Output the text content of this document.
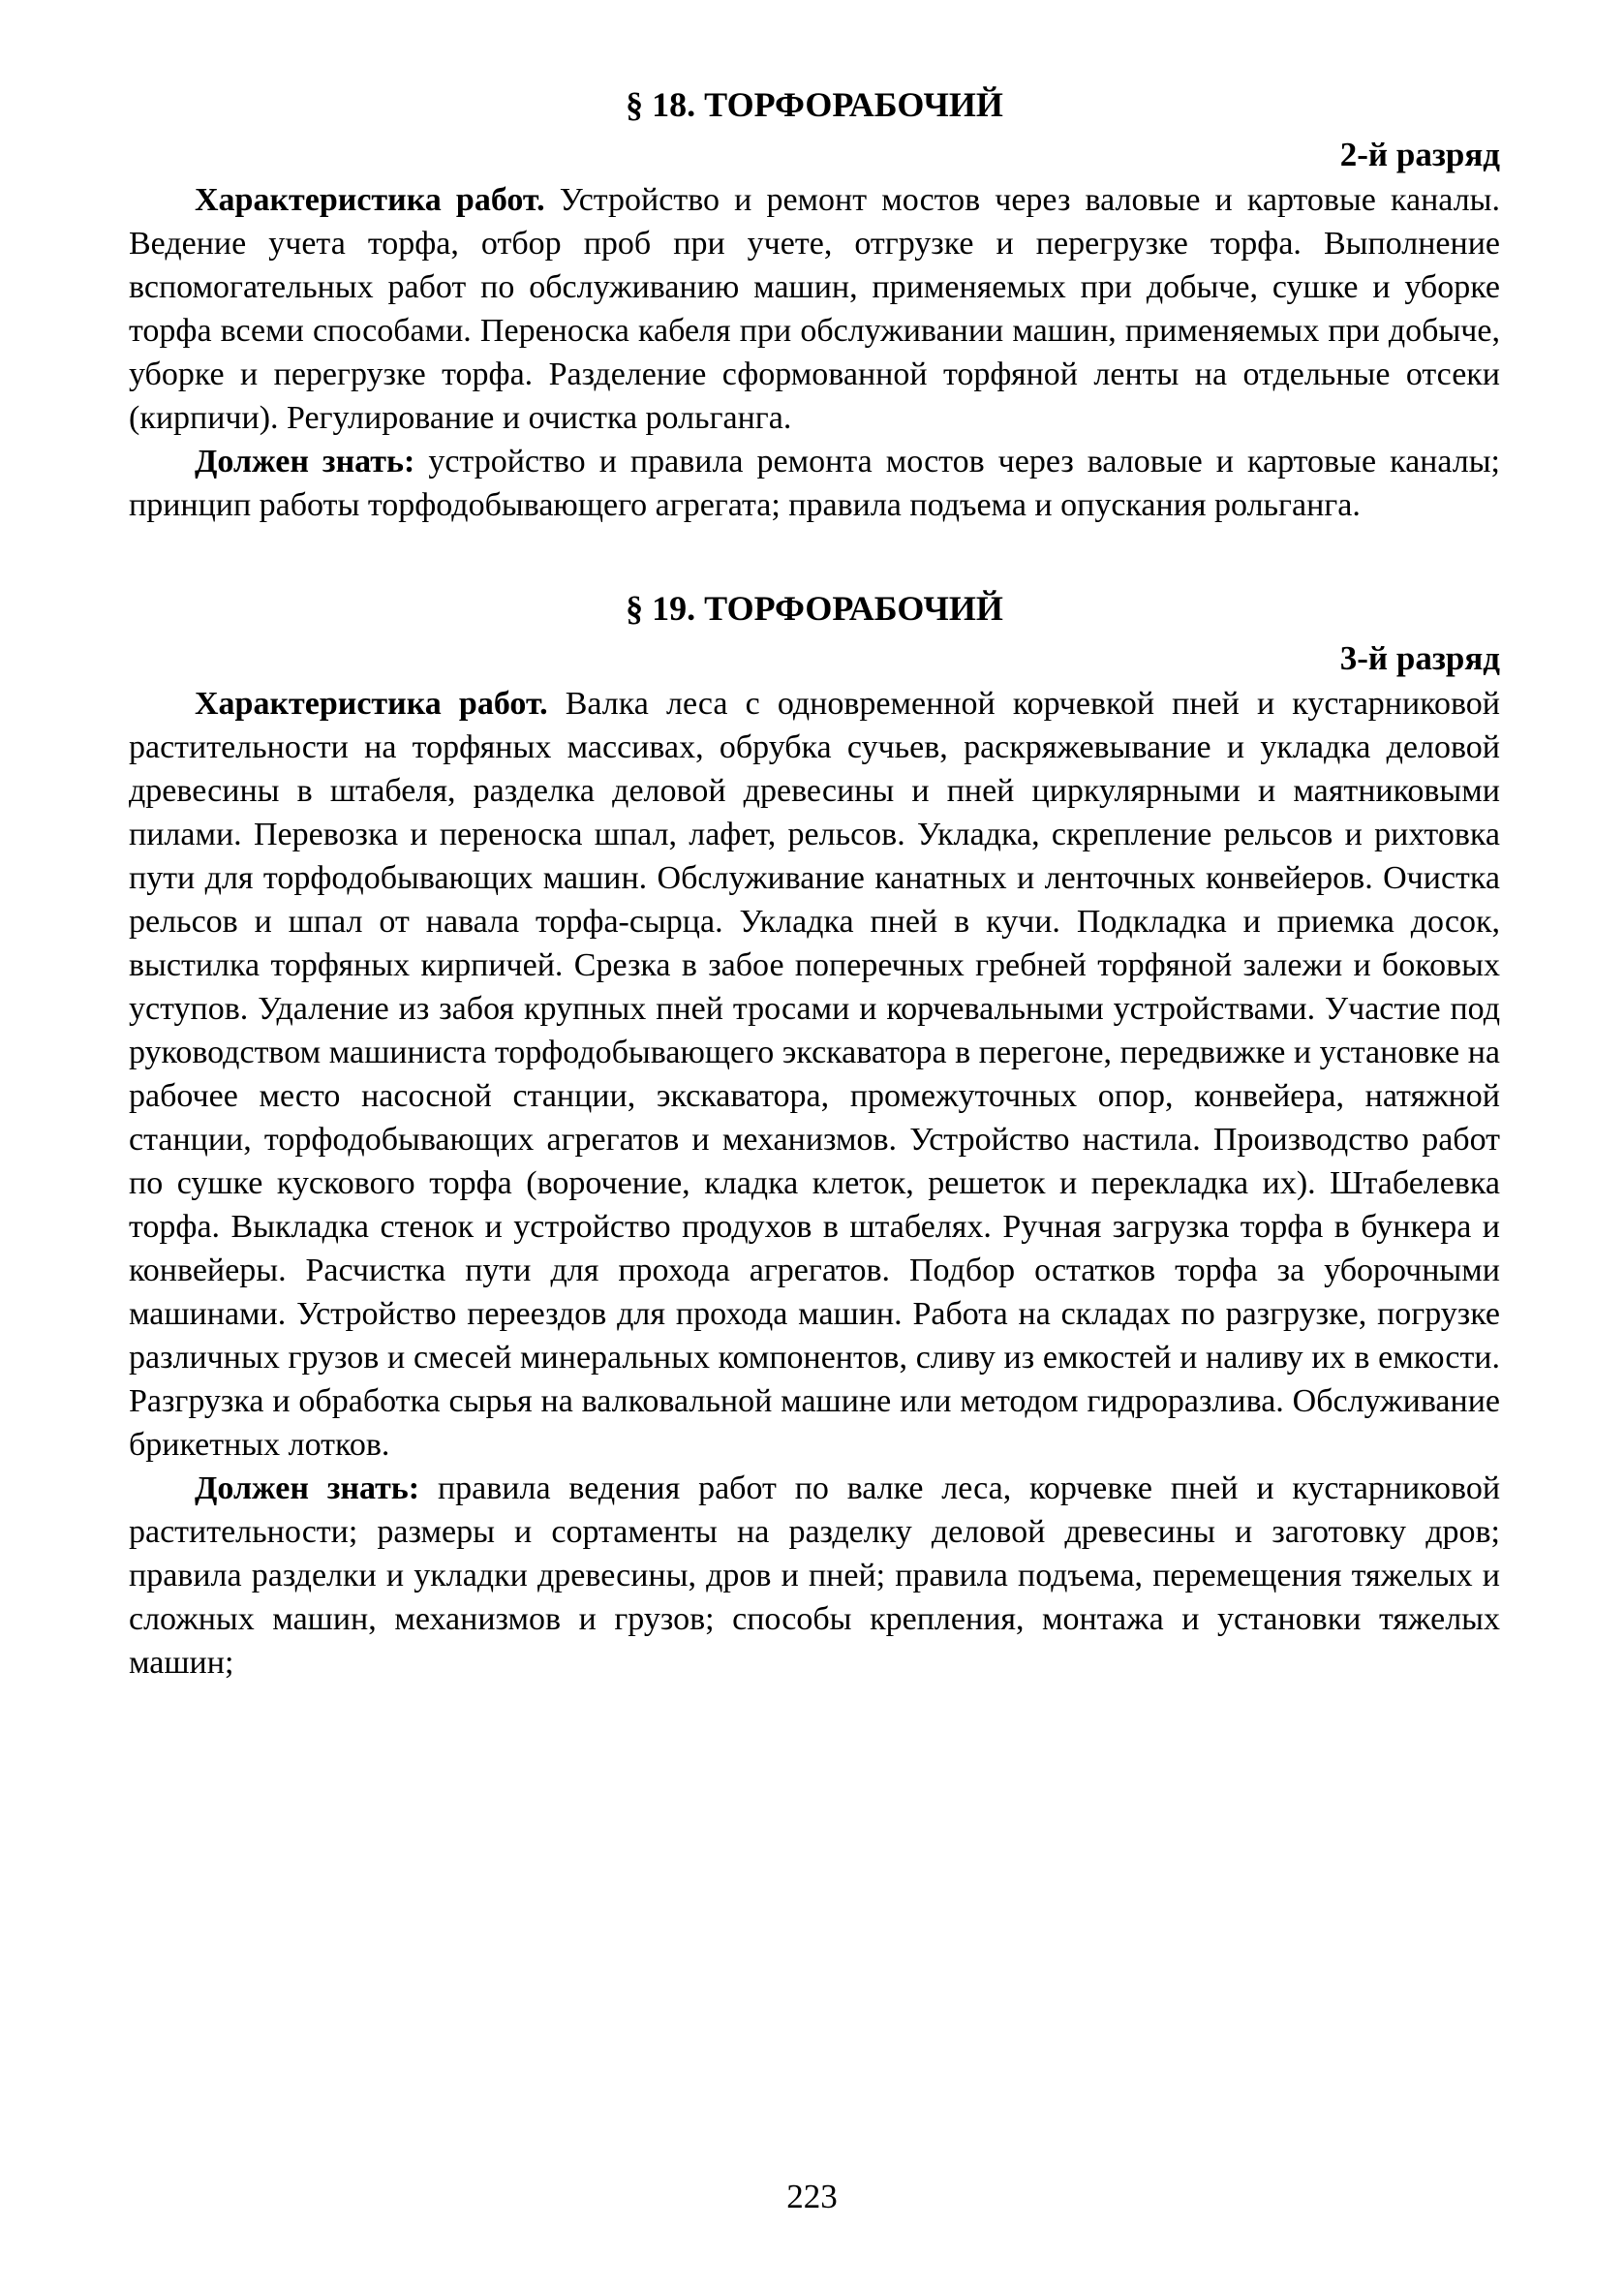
§ 18. ТОРФОРАБОЧИЙ
2-й разряд

Характеристика работ. Устройство и ремонт мостов через валовые и картовые каналы. Ведение учета торфа, отбор проб при учете, отгрузке и перегрузке торфа. Выполнение вспомогательных работ по обслуживанию машин, применяемых при добыче, сушке и уборке торфа всеми способами. Переноска кабеля при обслуживании машин, применяемых при добыче, уборке и перегрузке торфа. Разделение сформованной торфяной ленты на отдельные отсеки (кирпичи). Регулирование и очистка рольганга.

Должен знать: устройство и правила ремонта мостов через валовые и картовые каналы; принцип работы торфодобывающего агрегата; правила подъема и опускания рольганга.

§ 19. ТОРФОРАБОЧИЙ
3-й разряд

Характеристика работ. Валка леса с одновременной корчевкой пней и кустарниковой растительности на торфяных массивах, обрубка сучьев, раскряжевывание и укладка деловой древесины в штабеля, разделка деловой древесины и пней циркулярными и маятниковыми пилами. Перевозка и переноска шпал, лафет, рельсов. Укладка, скрепление рельсов и рихтовка пути для торфодобывающих машин. Обслуживание канатных и ленточных конвейеров. Очистка рельсов и шпал от навала торфа-сырца. Укладка пней в кучи. Подкладка и приемка досок, выстилка торфяных кирпичей. Срезка в забое поперечных гребней торфяной залежи и боковых уступов. Удаление из забоя крупных пней тросами и корчевальными устройствами. Участие под руководством машиниста торфодобывающего экскаватора в перегоне, передвижке и установке на рабочее место насосной станции, экскаватора, промежуточных опор, конвейера, натяжной станции, торфодобывающих агрегатов и механизмов. Устройство настила. Производство работ по сушке кускового торфа (ворочение, кладка клеток, решеток и перекладка их). Штабелевка торфа. Выкладка стенок и устройство продухов в штабелях. Ручная загрузка торфа в бункера и конвейеры. Расчистка пути для прохода агрегатов. Подбор остатков торфа за уборочными машинами. Устройство переездов для прохода машин. Работа на складах по разгрузке, погрузке различных грузов и смесей минеральных компонентов, сливу из емкостей и наливу их в емкости. Разгрузка и обработка сырья на валковальной машине или методом гидроразлива. Обслуживание брикетных лотков.

Должен знать: правила ведения работ по валке леса, корчевке пней и кустарниковой растительности; размеры и сортаменты на разделку деловой древесины и заготовку дров; правила разделки и укладки древесины, дров и пней; правила подъема, перемещения тяжелых и сложных машин, механизмов и грузов; способы крепления, монтажа и установки тяжелых машин;

223
